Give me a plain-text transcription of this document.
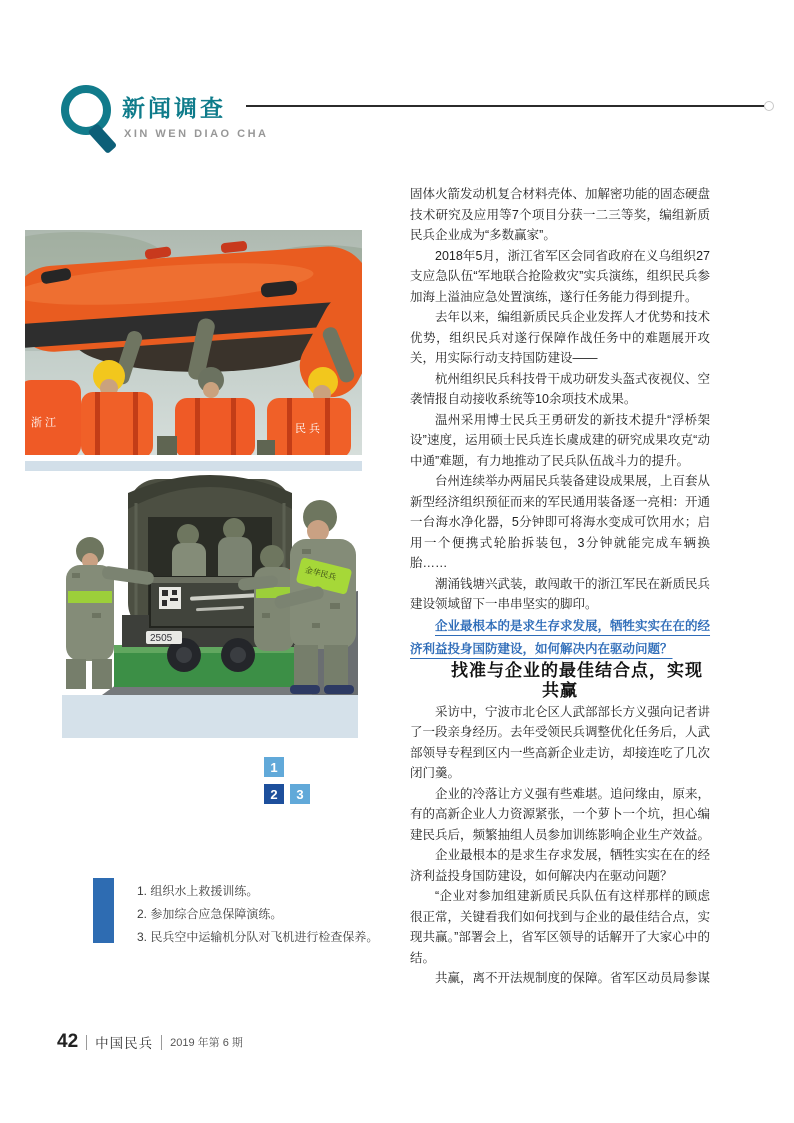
新闻调查
XIN WEN DIAO CHA
浙 江	民 兵
2505
金华民兵
1
2	3
1. 组织水上救援训练。
2. 参加综合应急保障演练。
3. 民兵空中运输机分队对飞机进行检查保养。

固体火箭发动机复合材料壳体、加解密功能的固态硬盘技术研究及应用等7个项目分获一二三等奖，编组新质民兵企业成为“多数赢家”。

2018年5月，浙江省军区会同省政府在义乌组织27支应急队伍“军地联合抢险救灾”实兵演练，组织民兵参加海上溢油应急处置演练，遂行任务能力得到提升。

去年以来，编组新质民兵企业发挥人才优势和技术优势，组织民兵对遂行保障作战任务中的难题展开攻关，用实际行动支持国防建设——

杭州组织民兵科技骨干成功研发头盔式夜视仪、空袭情报自动接收系统等10余项技术成果。

温州采用博士民兵王勇研发的新技术提升“浮桥架设”速度，运用硕士民兵连长虞成建的研究成果攻克“动中通”难题，有力地推动了民兵队伍战斗力的提升。

台州连续举办两届民兵装备建设成果展，上百套从新型经济组织预征而来的军民通用装备逐一亮相：开通一台海水净化器，5分钟即可将海水变成可饮用水；启用一个便携式轮胎拆装包，3分钟就能完成车辆换胎……

潮涌钱塘兴武装，敢闯敢干的浙江军民在新质民兵建设领域留下一串串坚实的脚印。

企业最根本的是求生存求发展，牺牲实实在在的经济利益投身国防建设，如何解决内在驱动问题？

找准与企业的最佳结合点，实现共赢

采访中，宁波市北仑区人武部部长方义强向记者讲了一段亲身经历。去年受领民兵调整优化任务后，人武部领导专程到区内一些高新企业走访，却接连吃了几次闭门羹。

企业的冷落让方义强有些难堪。追问缘由，原来，有的高新企业人力资源紧张，一个萝卜一个坑，担心编建民兵后，频繁抽组人员参加训练影响企业生产效益。

企业最根本的是求生存求发展，牺牲实实在在的经济利益投身国防建设，如何解决内在驱动问题？

“企业对参加组建新质民兵队伍有这样那样的顾虑很正常，关键看我们如何找到与企业的最佳结合点，实现共赢。”部署会上，省军区领导的话解开了大家心中的结。

共赢，离不开法规制度的保障。省军区动员局参谋

42 中国民兵 2019 年第 6 期
